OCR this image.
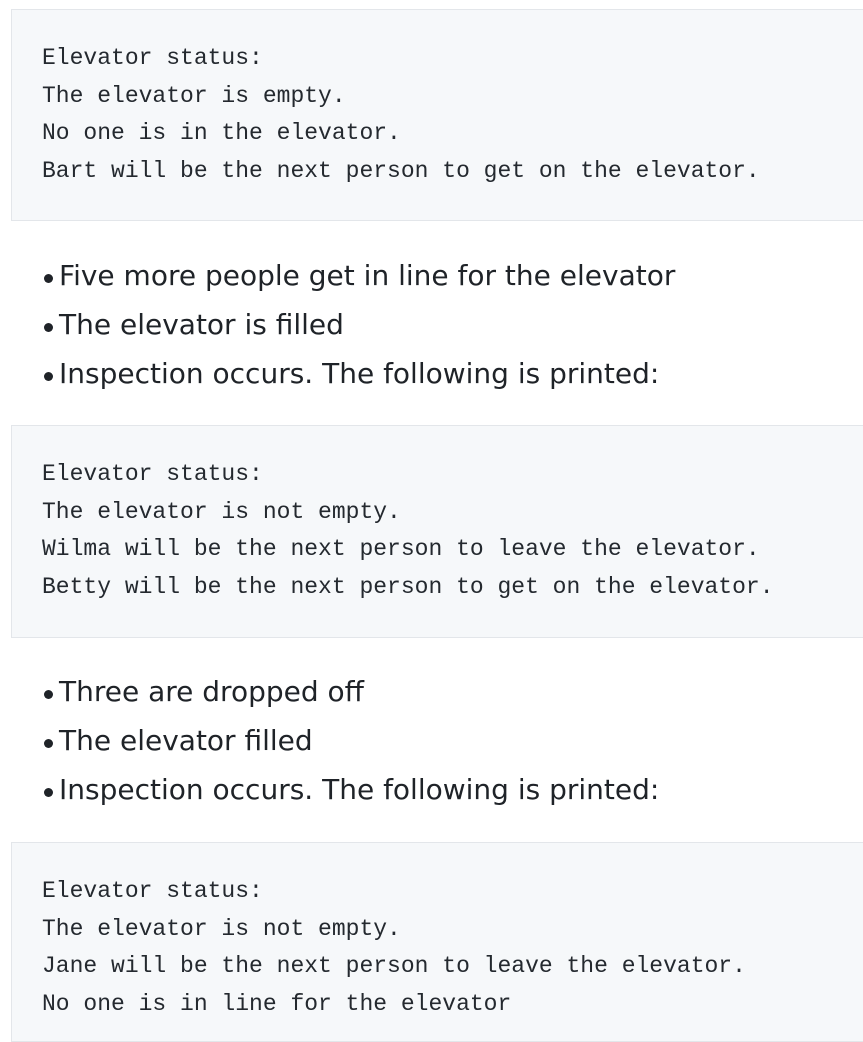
Elevator status:
The elevator is empty.
No one is in the elevator.
Bart will be the next person to get on the elevator.
Five more people get in line for the elevator
The elevator is filled
Inspection occurs. The following is printed:
Elevator status:
The elevator is not empty.
Wilma will be the next person to leave the elevator.
Betty will be the next person to get on the elevator.
Three are dropped off
The elevator filled
Inspection occurs. The following is printed:
Elevator status:
The elevator is not empty.
Jane will be the next person to leave the elevator.
No one is in line for the elevator
